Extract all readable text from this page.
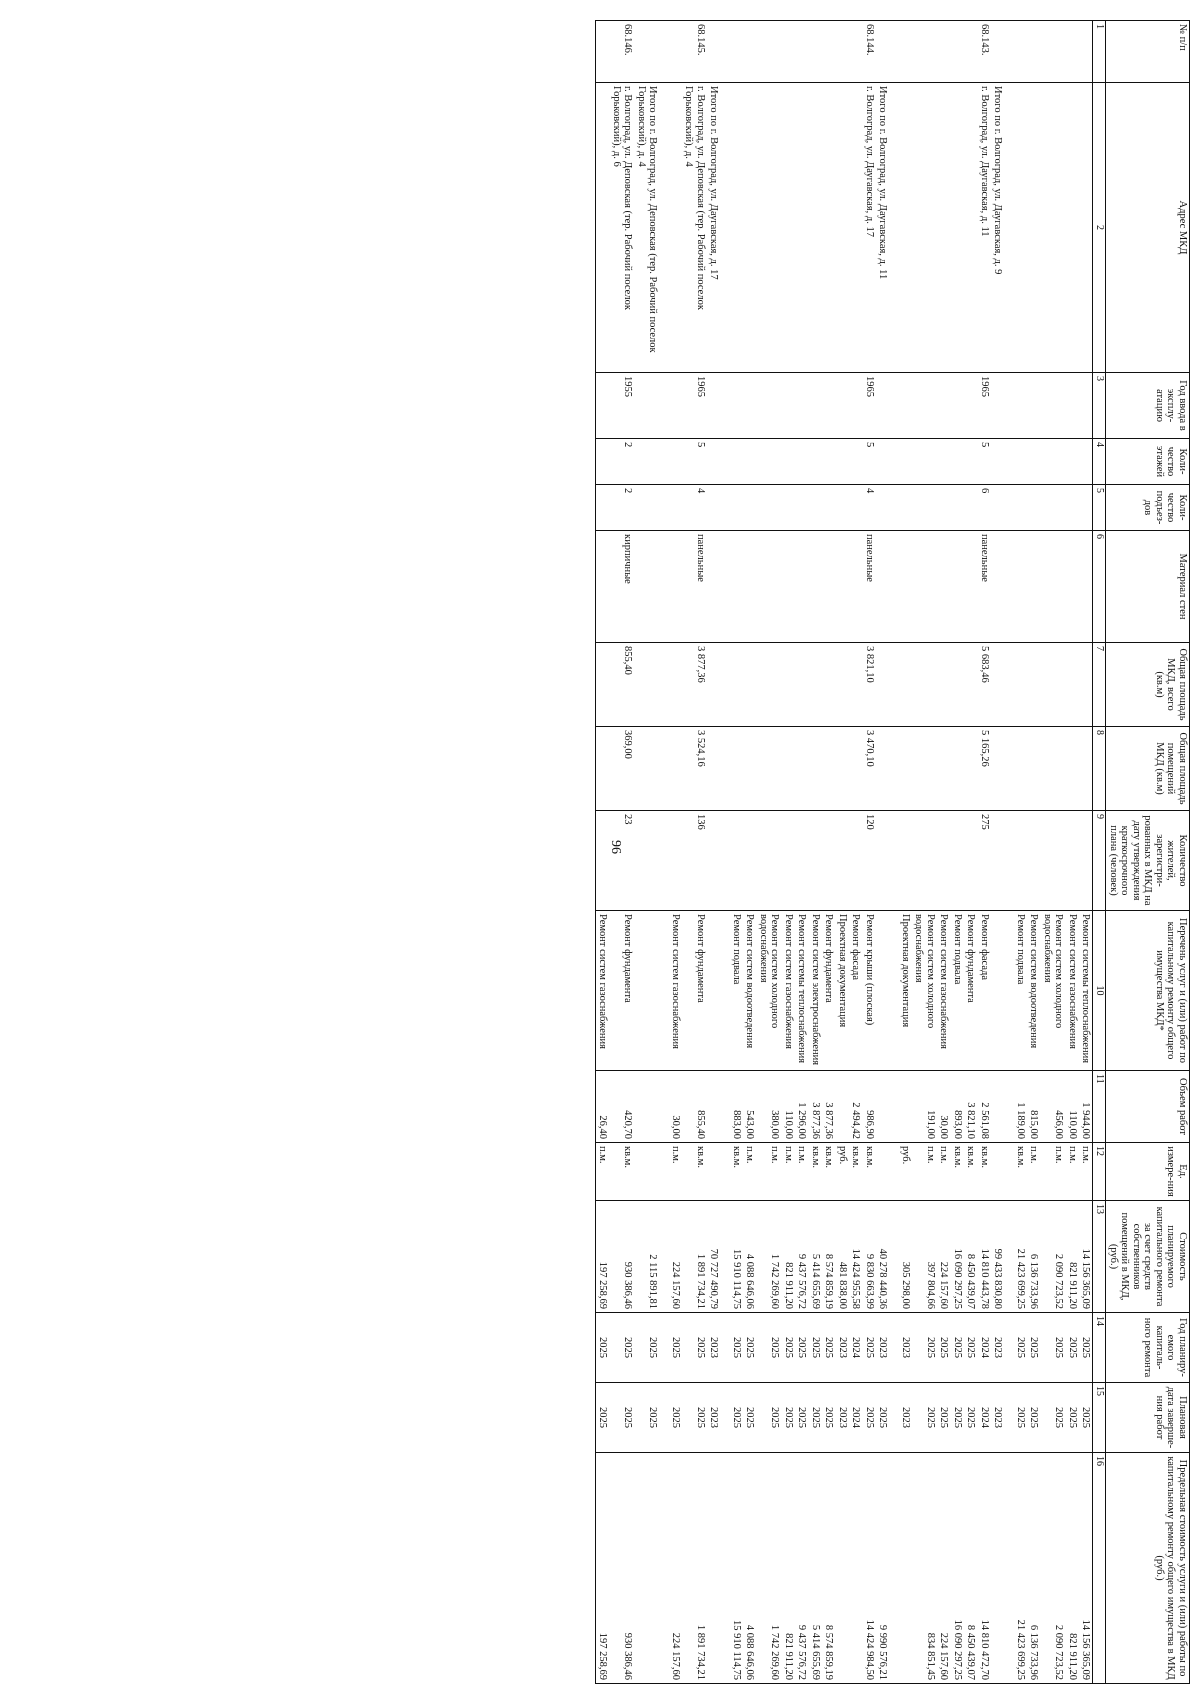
96
№ п/п	Адрес МКД	Год ввода в эксплу-атацию	Коли-чество этажей	Коли-чество подъез-дов	Материал стен	Общая площадь МКД, всего (кв.м)	Общая площадь помещений МКД (кв.м)	Количество жителей, зарегистри-рованных в МКД на дату утверждения краткосрочного плана (человек)	Перечень услуг и (или) работ по капитальному ремонту общего имущества МКД*	Объем работ	Ед. измере-ния	Стоимость планируемого капитального ремонта за счет средств собственников помещений в МКД, (руб.)	Год планиру-емого капиталь-ного ремонта	Плановая дата заверше-ния работ	Предельная стоимость услуги и (или) работы по капитальному ремонту общего имущества в МКД (руб.)
1	2	3	4	5	6	7	8	9	10	11	12	13	14	15	16
									Ремонт системы теплоснабжения	1 944,00	п.м.	14 156 365,09	2025	2025	14 156 365,09
									Ремонт систем газоснабжения	110,00	п.м.	821 911,20	2025	2025	821 911,20
									Ремонт систем холодного водоснабжения	456,00	п.м.	2 090 723,52	2025	2025	2 090 723,52
									Ремонт систем водоотведения	815,00	п.м.	6 136 733,96	2025	2025	6 136 733,96
									Ремонт подвала	1 189,00	кв.м.	21 423 699,25	2025	2025	21 423 699,25
	Итого по г. Волгоград, ул. Даугавская, д. 9											99 433 830,80	2023	2023	
68.143.	г. Волгоград, ул. Даугавская, д. 11	1965	5	6	панельные	5 683,46	5 165,26	275	Ремонт фасада	2 561,08	кв.м.	14 810 443,78	2024	2024	14 810 472,70
									Ремонт фундамента	3 821,10	кв.м.	8 450 439,07	2025	2025	8 450 439,07
									Ремонт подвала	893,00	кв.м.	16 090 297,25	2025	2025	16 090 297,25
									Ремонт систем газоснабжения	30,00	п.м.	224 157,60	2025	2025	224 157,60
									Ремонт систем холодного водоснабжения	191,00	п.м.	397 804,66	2025	2025	834 851,45
									Проектная документация		руб.	305 298,00	2023	2023	
	Итого по г. Волгоград, ул. Даугавская, д. 11											40 278 440,36	2023	2025	9 990 576,21
68.144.	г. Волгоград, ул. Даугавская, д. 17	1965	5	4	панельные	3 821,10	3 470,10	120	Ремонт крыши (плоская)	986,90	кв.м.	9 830 663,99	2025	2025	14 424 984,50
									Ремонт фасада	2 494,42	кв.м.	14 424 955,58	2024	2024	
									Проектная документация		руб.	481 838,00	2023	2023	
									Ремонт фундамента	3 877,36	кв.м.	8 574 859,19	2025	2025	8 574 859,19
									Ремонт систем электроснабжения	3 877,36	кв.м.	5 414 655,69	2025	2025	5 414 655,69
									Ремонт системы теплоснабжения	1 296,00	п.м.	9 437 576,72	2025	2025	9 437 576,72
									Ремонт систем газоснабжения	110,00	п.м.	821 911,20	2025	2025	821 911,20
									Ремонт систем холодного водоснабжения	380,00	п.м.	1 742 269,60	2025	2025	1 742 269,60
									Ремонт систем водоотведения	543,00	п.м.	4 088 646,06	2025	2025	4 088 646,06
									Ремонт подвала	883,00	кв.м.	15 910 114,75	2025	2025	15 910 114,75
	Итого по г. Волгоград, ул. Даугавская, д. 17											70 727 490,79	2023	2023	
68.145.	г. Волгоград, ул. Деповская (тер. Рабочий поселок Горьковский), д. 4	1965	5	4	панельные	3 877,36	3 524,16	136	Ремонт фундамента	855,40	кв.м.	1 891 734,21	2025	2025	1 891 734,21
									Ремонт систем газоснабжения	30,00	п.м.	224 157,60	2025	2025	224 157,60
	Итого по г. Волгоград, ул. Деповская (тер. Рабочий поселок Горьковский), д. 4											2 115 891,81	2025	2025	
68.146.	г. Волгоград, ул. Деповская (тер. Рабочий поселок Горьковский), д. 6	1955	2	2	кирпичные	855,40	369,00	23	Ремонт фундамента	420,70	кв.м.	930 386,46	2025	2025	930 386,46
									Ремонт систем газоснабжения	26,40	п.м.	197 258,69	2025	2025	197 258,69
